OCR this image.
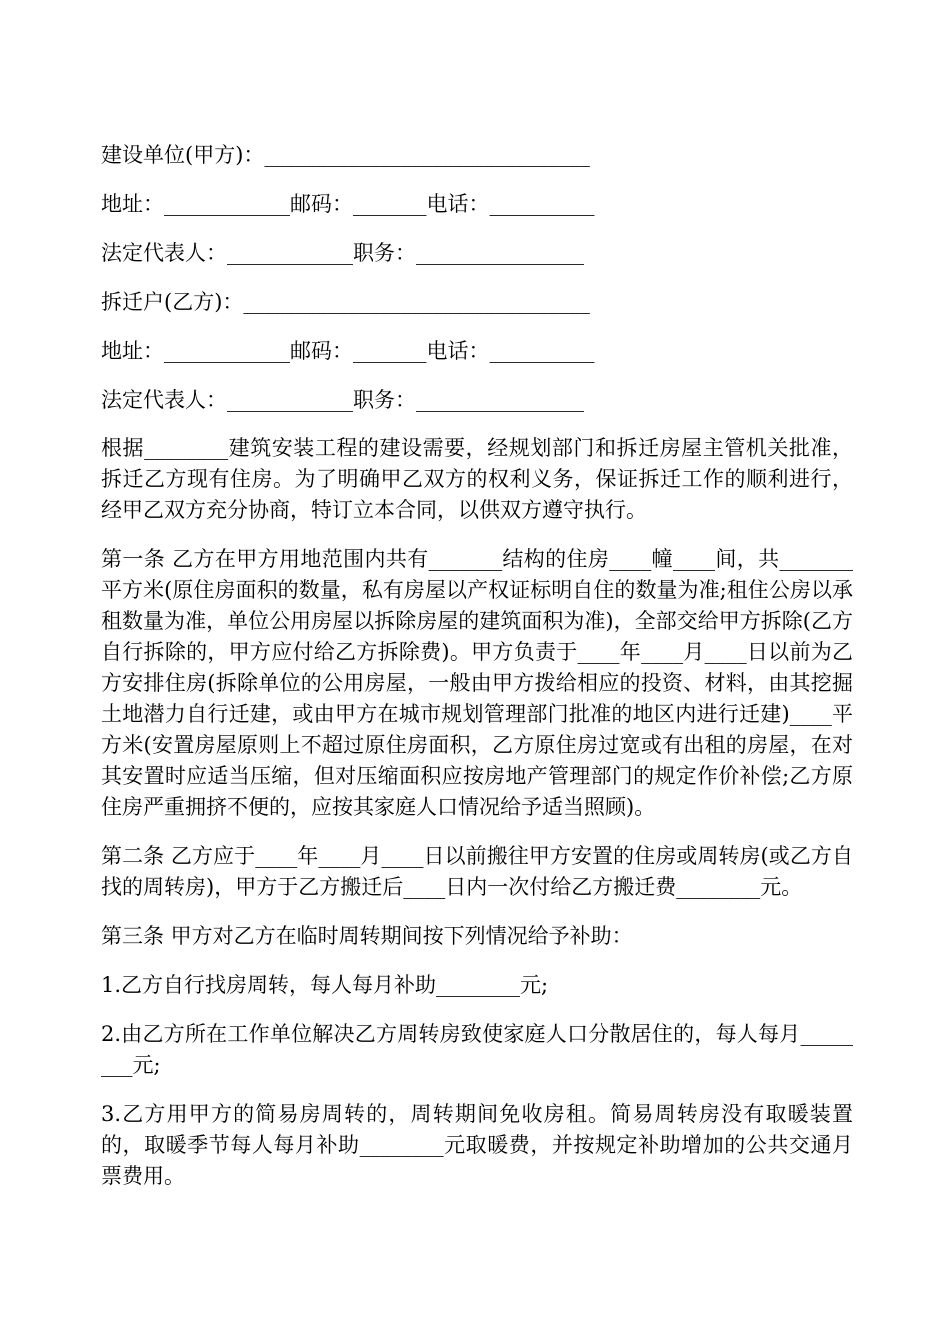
建设单位(甲方)：_______________________________
地址：____________邮码：_______电话：__________
法定代表人：____________职务：________________
拆迁户(乙方)：_________________________________
地址：____________邮码：_______电话：__________
法定代表人：____________职务：________________

根据________建筑安装工程的建设需要，经规划部门和拆迁房屋主管机关批准，拆迁乙方现有住房。为了明确甲乙双方的权利义务，保证拆迁工作的顺利进行，经甲乙双方充分协商，特订立本合同，以供双方遵守执行。

第一条 乙方在甲方用地范围内共有_______结构的住房____幢____间，共_______平方米(原住房面积的数量，私有房屋以产权证标明自住的数量为准;租住公房以承租数量为准，单位公用房屋以拆除房屋的建筑面积为准)，全部交给甲方拆除(乙方自行拆除的，甲方应付给乙方拆除费)。甲方负责于____年____月____日以前为乙方安排住房(拆除单位的公用房屋，一般由甲方拨给相应的投资、材料，由其挖掘土地潜力自行迁建，或由甲方在城市规划管理部门批准的地区内进行迁建)____平方米(安置房屋原则上不超过原住房面积，乙方原住房过宽或有出租的房屋，在对其安置时应适当压缩，但对压缩面积应按房地产管理部门的规定作价补偿;乙方原住房严重拥挤不便的，应按其家庭人口情况给予适当照顾)。

第二条 乙方应于____年____月____日以前搬往甲方安置的住房或周转房(或乙方自找的周转房)，甲方于乙方搬迁后____日内一次付给乙方搬迁费________元。

第三条 甲方对乙方在临时周转期间按下列情况给予补助：

1.乙方自行找房周转，每人每月补助________元;

2.由乙方所在工作单位解决乙方周转房致使家庭人口分散居住的，每人每月________元;

3.乙方用甲方的简易房周转的，周转期间免收房租。简易周转房没有取暖装置的，取暖季节每人每月补助________元取暖费，并按规定补助增加的公共交通月票费用。
